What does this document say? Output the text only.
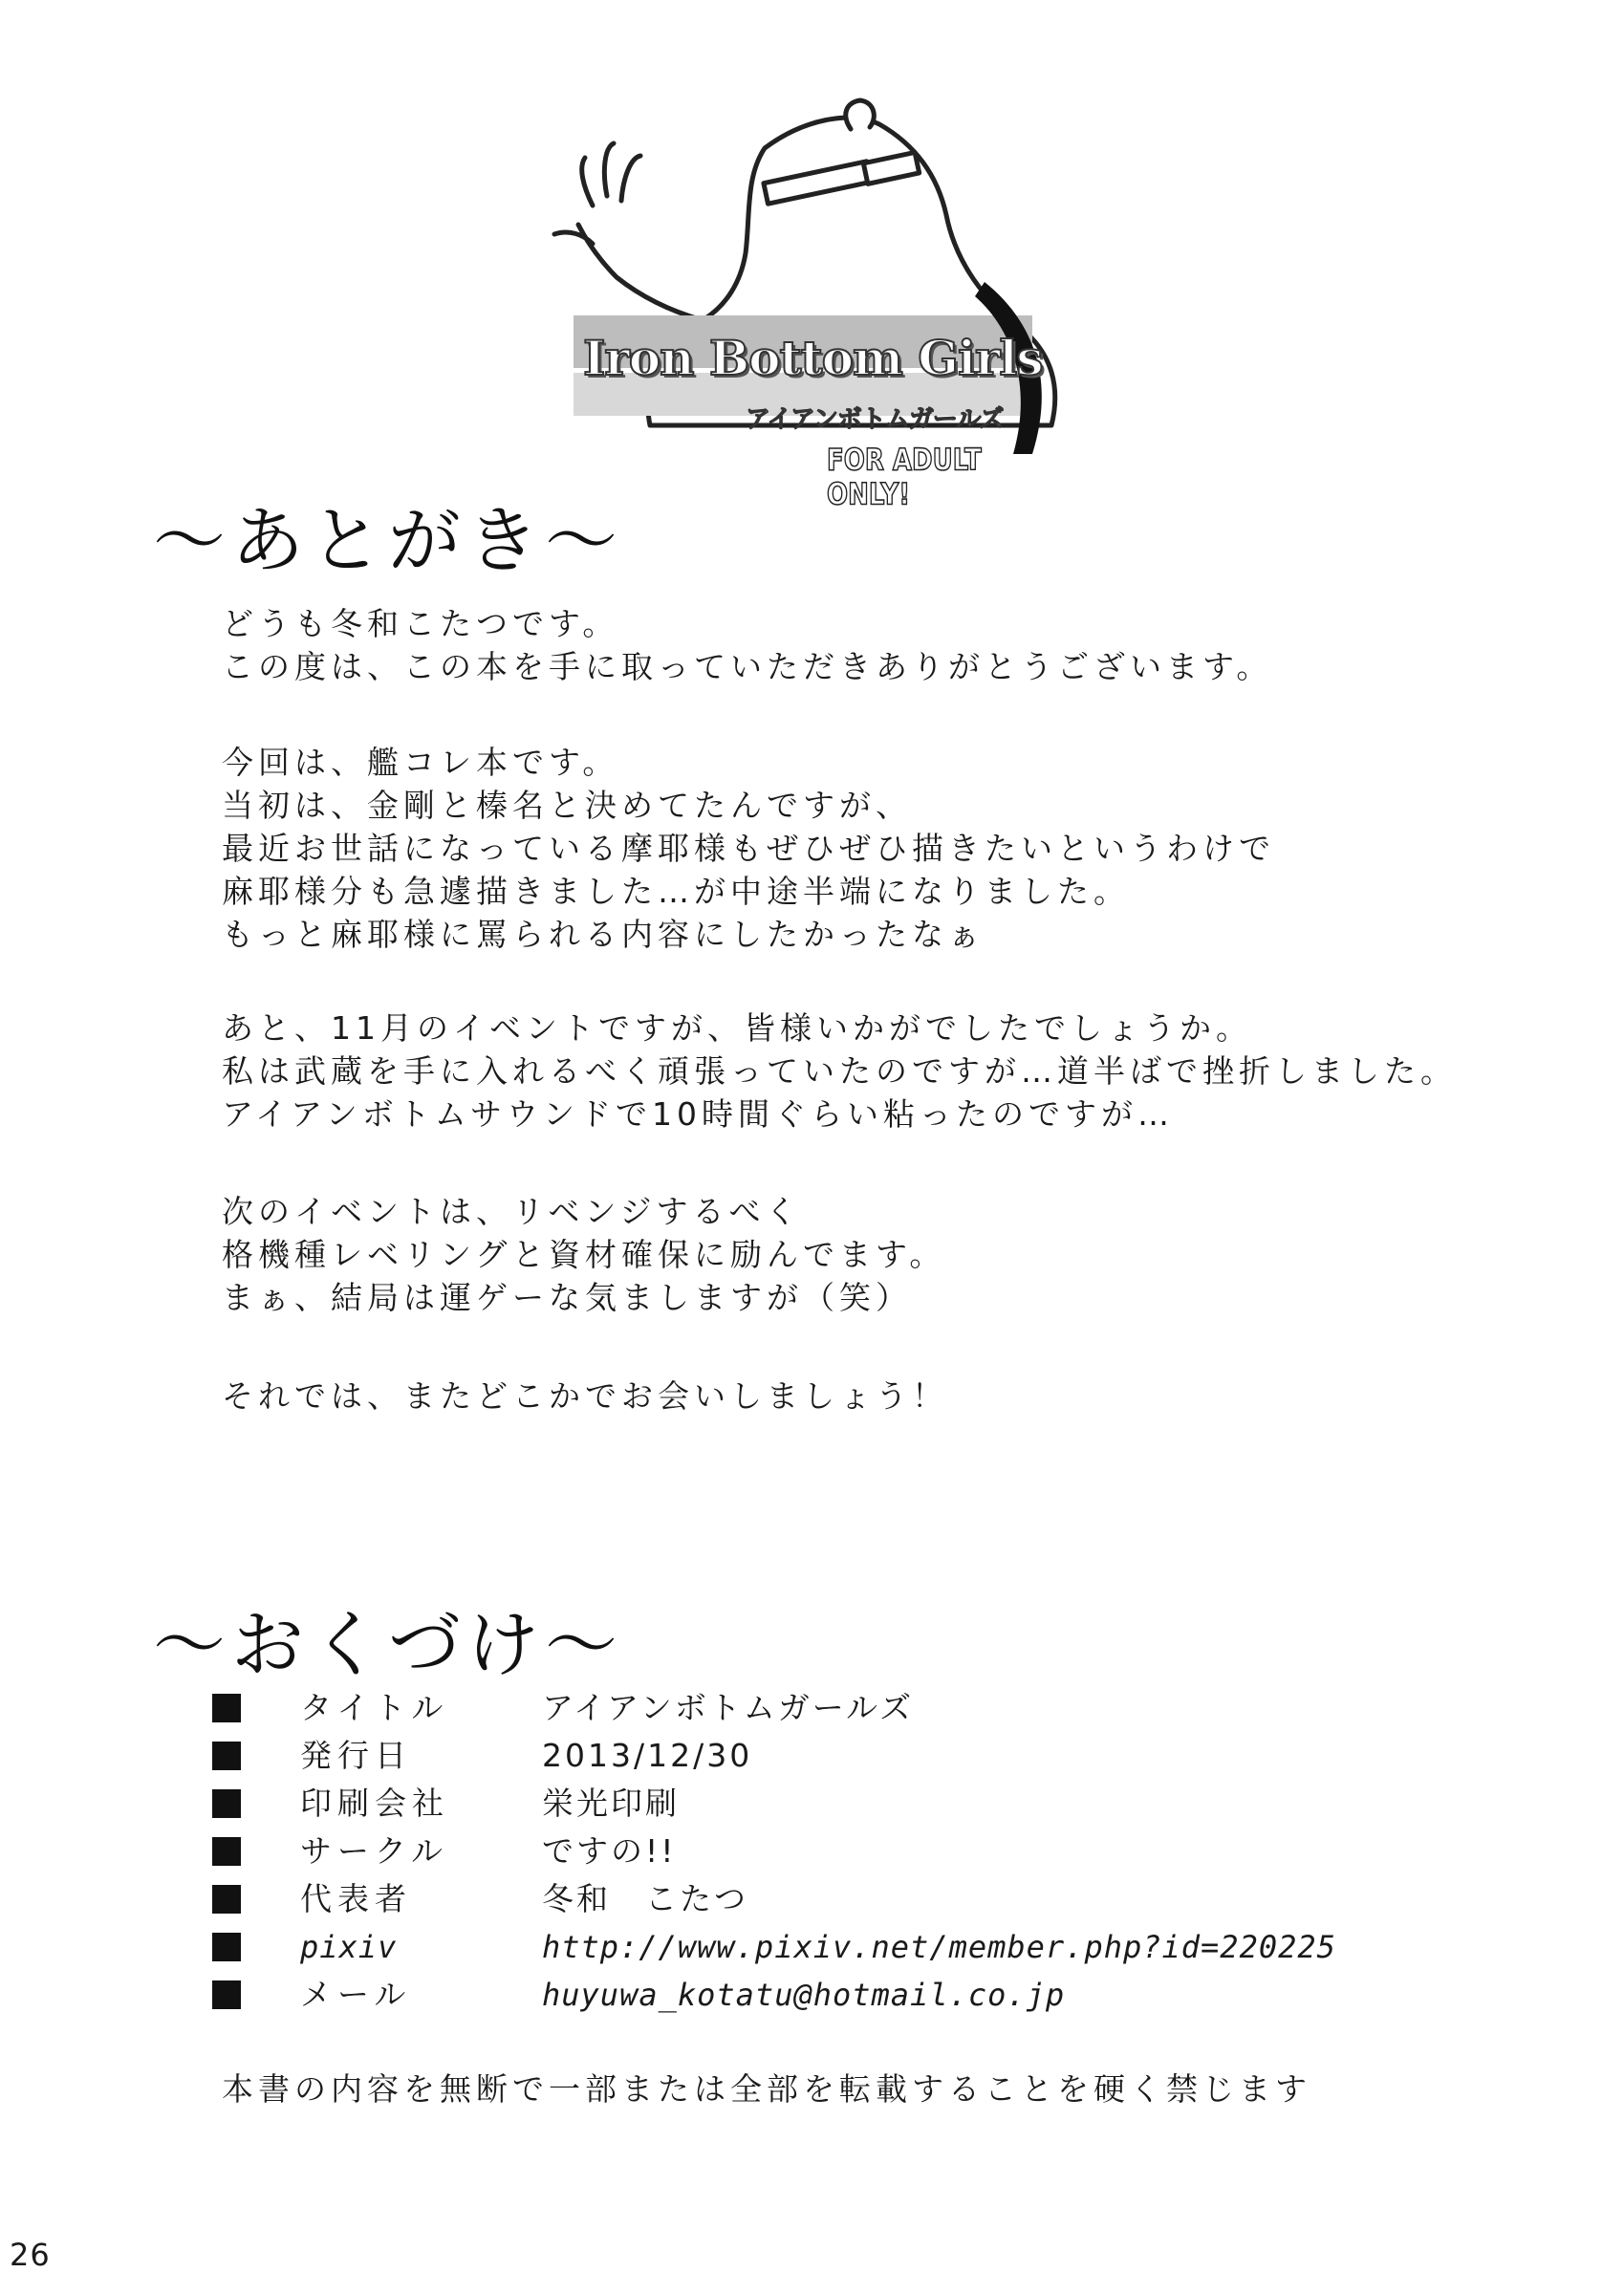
Iron Bottom Girls
アイアンボトムガールズ
FOR ADULT ONLY!
～あとがき～
どうも冬和こたつです。
この度は、この本を手に取っていただきありがとうございます。
今回は、艦コレ本です。
当初は、金剛と榛名と決めてたんですが、
最近お世話になっている摩耶様もぜひぜひ描きたいというわけで
麻耶様分も急遽描きました…が中途半端になりました。
もっと麻耶様に罵られる内容にしたかったなぁ
あと、11月のイベントですが、皆様いかがでしたでしょうか。
私は武蔵を手に入れるべく頑張っていたのですが…道半ばで挫折しました。
アイアンボトムサウンドで10時間ぐらい粘ったのですが…
次のイベントは、リベンジするべく
格機種レベリングと資材確保に励んでます。
まぁ、結局は運ゲーな気ましますが（笑）
それでは、またどこかでお会いしましょう！
～おくづけ～
タイトル	アイアンボトムガールズ
発行日	2013/12/30
印刷会社	栄光印刷
サークル	ですの!!
代表者	冬和　こたつ
pixiv	http://www.pixiv.net/member.php?id=220225
メール	huyuwa_kotatu@hotmail.co.jp
本書の内容を無断で一部または全部を転載することを硬く禁じます
26
